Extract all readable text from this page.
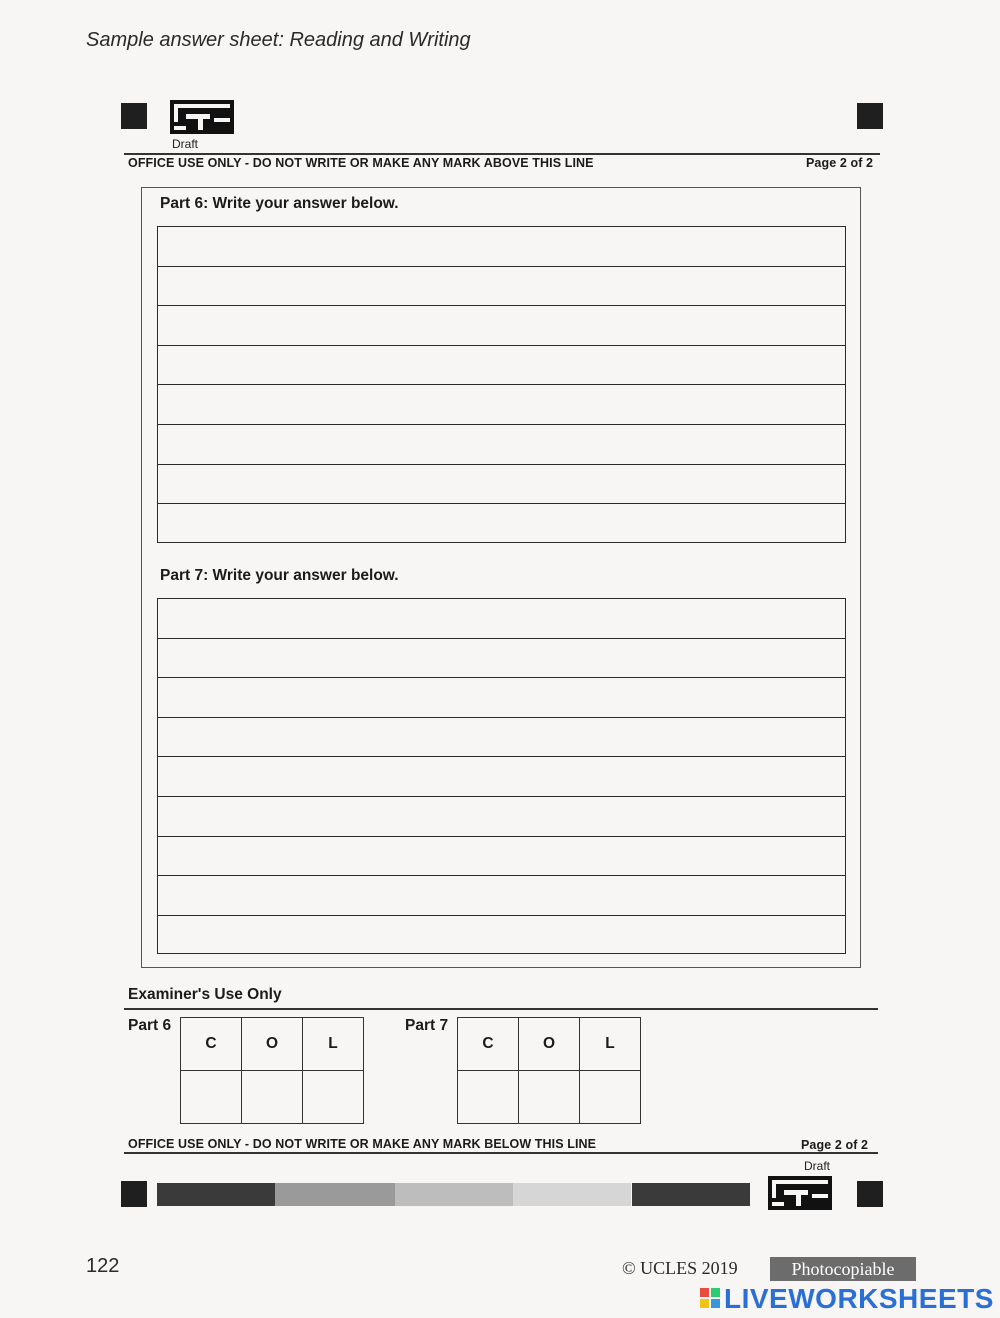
Sample answer sheet: Reading and Writing
Draft
OFFICE USE ONLY - DO NOT WRITE OR MAKE ANY MARK ABOVE THIS LINE	Page 2 of 2
Part 6: Write your answer below.
Part 7: Write your answer below.
Examiner's Use Only
Part 6
C	O	L

Part 7
C	O	L

OFFICE USE ONLY - DO NOT WRITE OR MAKE ANY MARK BELOW THIS LINE	Page 2 of 2
Draft
122	© UCLES 2019	Photocopiable
LIVEWORKSHEETS
